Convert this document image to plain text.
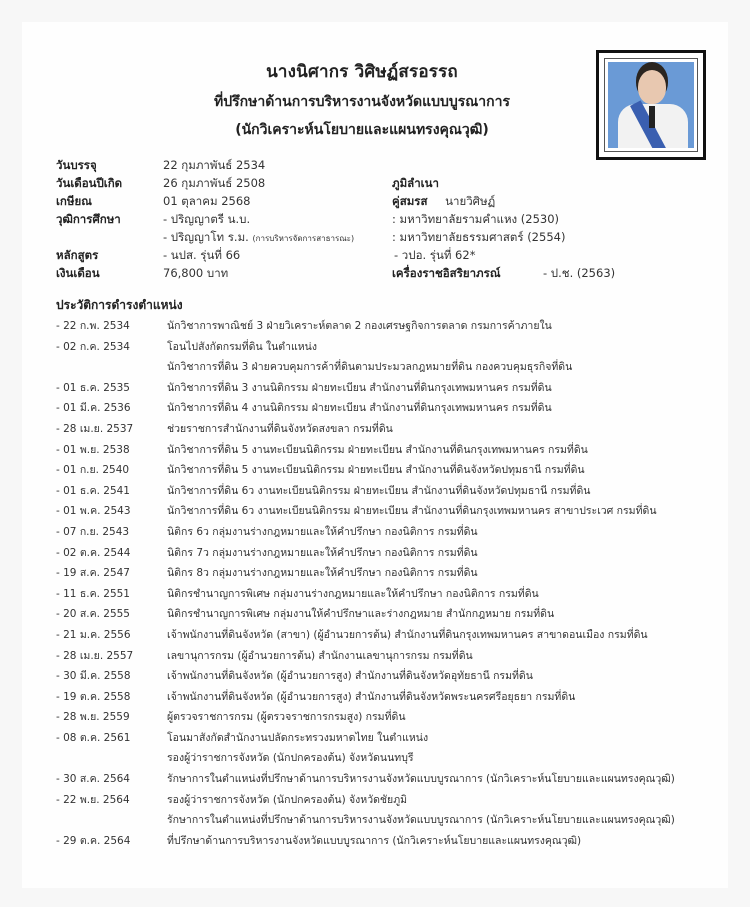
นางนิศากร วิศิษฏ์สรอรรถ
ที่ปรึกษาด้านการบริหารงานจังหวัดแบบบูรณาการ
(นักวิเคราะห์นโยบายและแผนทรงคุณวุฒิ)
วันบรรจุ	22 กุมภาพันธ์ 2534
วันเดือนปีเกิด	26 กุมภาพันธ์ 2508	ภูมิลำเนา
เกษียณ	01 ตุลาคม 2568	คู่สมรส นายวิศิษฏ์
วุฒิการศึกษา	- ปริญญาตรี น.บ.	: มหาวิทยาลัยรามคำแหง (2530)
- ปริญญาโท ร.ม. (การบริหารจัดการสาธารณะ)	: มหาวิทยาลัยธรรมศาสตร์ (2554)
หลักสูตร	- นปส. รุ่นที่ 66	- วปอ. รุ่นที่ 62*
เงินเดือน	76,800 บาท	เครื่องราชอิสริยาภรณ์	- ป.ช. (2563)
ประวัติการดำรงตำแหน่ง
- 22 ก.พ. 2534	นักวิชาการพาณิชย์ 3 ฝ่ายวิเคราะห์ตลาด 2 กองเศรษฐกิจการตลาด กรมการค้าภายใน
- 02 ก.ค. 2534	โอนไปสังกัดกรมที่ดิน ในตำแหน่ง
นักวิชาการที่ดิน 3 ฝ่ายควบคุมการค้าที่ดินตามประมวลกฎหมายที่ดิน กองควบคุมธุรกิจที่ดิน
- 01 ธ.ค. 2535	นักวิชาการที่ดิน 3 งานนิติกรรม ฝ่ายทะเบียน สำนักงานที่ดินกรุงเทพมหานคร กรมที่ดิน
- 01 มี.ค. 2536	นักวิชาการที่ดิน 4 งานนิติกรรม ฝ่ายทะเบียน สำนักงานที่ดินกรุงเทพมหานคร กรมที่ดิน
- 28 เม.ย. 2537	ช่วยราชการสำนักงานที่ดินจังหวัดสงขลา กรมที่ดิน
- 01 พ.ย. 2538	นักวิชาการที่ดิน 5 งานทะเบียนนิติกรรม ฝ่ายทะเบียน สำนักงานที่ดินกรุงเทพมหานคร กรมที่ดิน
- 01 ก.ย. 2540	นักวิชาการที่ดิน 5 งานทะเบียนนิติกรรม ฝ่ายทะเบียน สำนักงานที่ดินจังหวัดปทุมธานี กรมที่ดิน
- 01 ธ.ค. 2541	นักวิชาการที่ดิน 6ว งานทะเบียนนิติกรรม ฝ่ายทะเบียน สำนักงานที่ดินจังหวัดปทุมธานี กรมที่ดิน
- 01 พ.ค. 2543	นักวิชาการที่ดิน 6ว งานทะเบียนนิติกรรม ฝ่ายทะเบียน สำนักงานที่ดินกรุงเทพมหานคร สาขาประเวศ กรมที่ดิน
- 07 ก.ย. 2543	นิติกร 6ว กลุ่มงานร่างกฎหมายและให้คำปรึกษา กองนิติการ กรมที่ดิน
- 02 ต.ค. 2544	นิติกร 7ว กลุ่มงานร่างกฎหมายและให้คำปรึกษา กองนิติการ กรมที่ดิน
- 19 ส.ค. 2547	นิติกร 8ว กลุ่มงานร่างกฎหมายและให้คำปรึกษา กองนิติการ กรมที่ดิน
- 11 ธ.ค. 2551	นิติกรชำนาญการพิเศษ กลุ่มงานร่างกฎหมายและให้คำปรึกษา กองนิติการ กรมที่ดิน
- 20 ส.ค. 2555	นิติกรชำนาญการพิเศษ กลุ่มงานให้คำปรึกษาและร่างกฎหมาย สำนักกฎหมาย กรมที่ดิน
- 21 ม.ค. 2556	เจ้าพนักงานที่ดินจังหวัด (สาขา) (ผู้อำนวยการต้น) สำนักงานที่ดินกรุงเทพมหานคร สาขาดอนเมือง กรมที่ดิน
- 28 เม.ย. 2557	เลขานุการกรม (ผู้อำนวยการต้น) สำนักงานเลขานุการกรม กรมที่ดิน
- 30 มี.ค. 2558	เจ้าพนักงานที่ดินจังหวัด (ผู้อำนวยการสูง) สำนักงานที่ดินจังหวัดอุทัยธานี กรมที่ดิน
- 19 ต.ค. 2558	เจ้าพนักงานที่ดินจังหวัด (ผู้อำนวยการสูง) สำนักงานที่ดินจังหวัดพระนครศรีอยุธยา กรมที่ดิน
- 28 พ.ย. 2559	ผู้ตรวจราชการกรม (ผู้ตรวจราชการกรมสูง) กรมที่ดิน
- 08 ต.ค. 2561	โอนมาสังกัดสำนักงานปลัดกระทรวงมหาดไทย ในตำแหน่ง
รองผู้ว่าราชการจังหวัด (นักปกครองต้น) จังหวัดนนทบุรี
- 30 ส.ค. 2564	รักษาการในตำแหน่งที่ปรึกษาด้านการบริหารงานจังหวัดแบบบูรณาการ (นักวิเคราะห์นโยบายและแผนทรงคุณวุฒิ)
- 22 พ.ย. 2564	รองผู้ว่าราชการจังหวัด (นักปกครองต้น) จังหวัดชัยภูมิ
รักษาการในตำแหน่งที่ปรึกษาด้านการบริหารงานจังหวัดแบบบูรณาการ (นักวิเคราะห์นโยบายและแผนทรงคุณวุฒิ)
- 29 ต.ค. 2564	ที่ปรึกษาด้านการบริหารงานจังหวัดแบบบูรณาการ (นักวิเคราะห์นโยบายและแผนทรงคุณวุฒิ)
